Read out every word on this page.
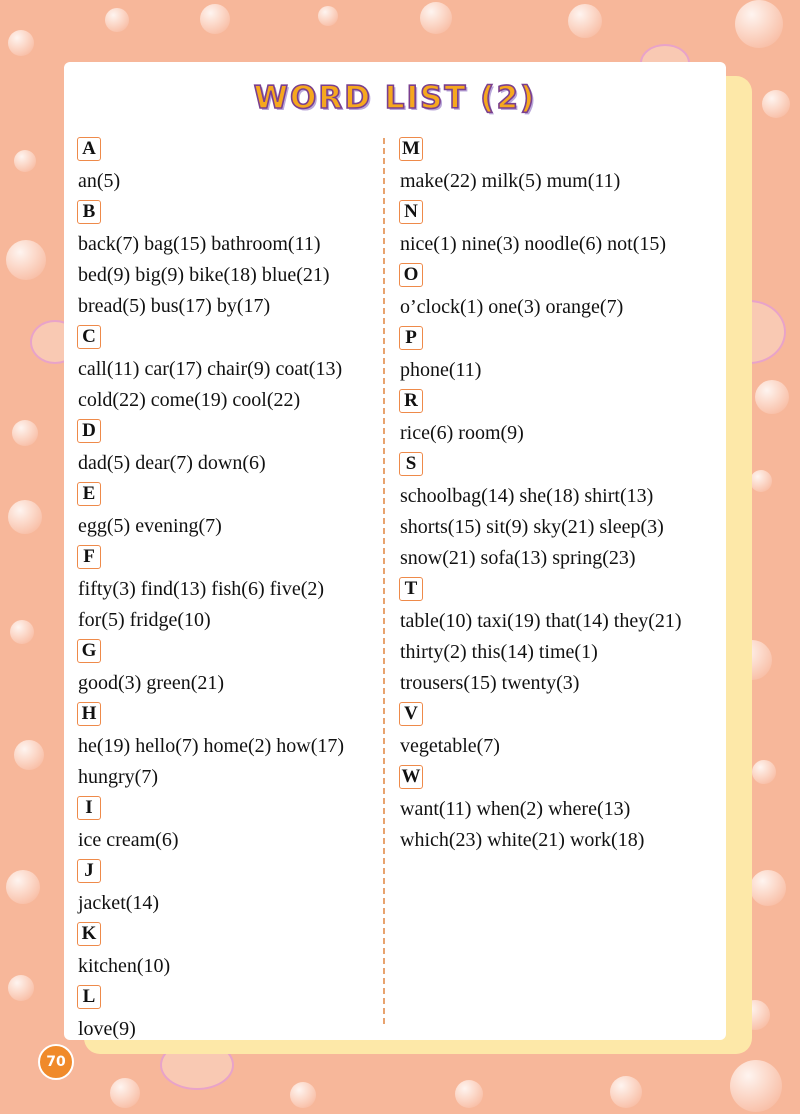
WORD LIST (2)
A
an(5)
B
back(7) bag(15) bathroom(11)
bed(9) big(9) bike(18) blue(21)
bread(5) bus(17) by(17)
C
call(11) car(17) chair(9) coat(13)
cold(22) come(19) cool(22)
D
dad(5) dear(7) down(6)
E
egg(5) evening(7)
F
fifty(3) find(13) fish(6) five(2)
for(5) fridge(10)
G
good(3) green(21)
H
he(19) hello(7) home(2) how(17)
hungry(7)
I
ice cream(6)
J
jacket(14)
K
kitchen(10)
L
love(9)
M
make(22) milk(5) mum(11)
N
nice(1) nine(3) noodle(6) not(15)
O
o’clock(1) one(3) orange(7)
P
phone(11)
R
rice(6) room(9)
S
schoolbag(14) she(18) shirt(13)
shorts(15) sit(9) sky(21) sleep(3)
snow(21) sofa(13) spring(23)
T
table(10) taxi(19) that(14) they(21)
thirty(2) this(14) time(1)
trousers(15) twenty(3)
V
vegetable(7)
W
want(11) when(2) where(13)
which(23) white(21) work(18)
70
